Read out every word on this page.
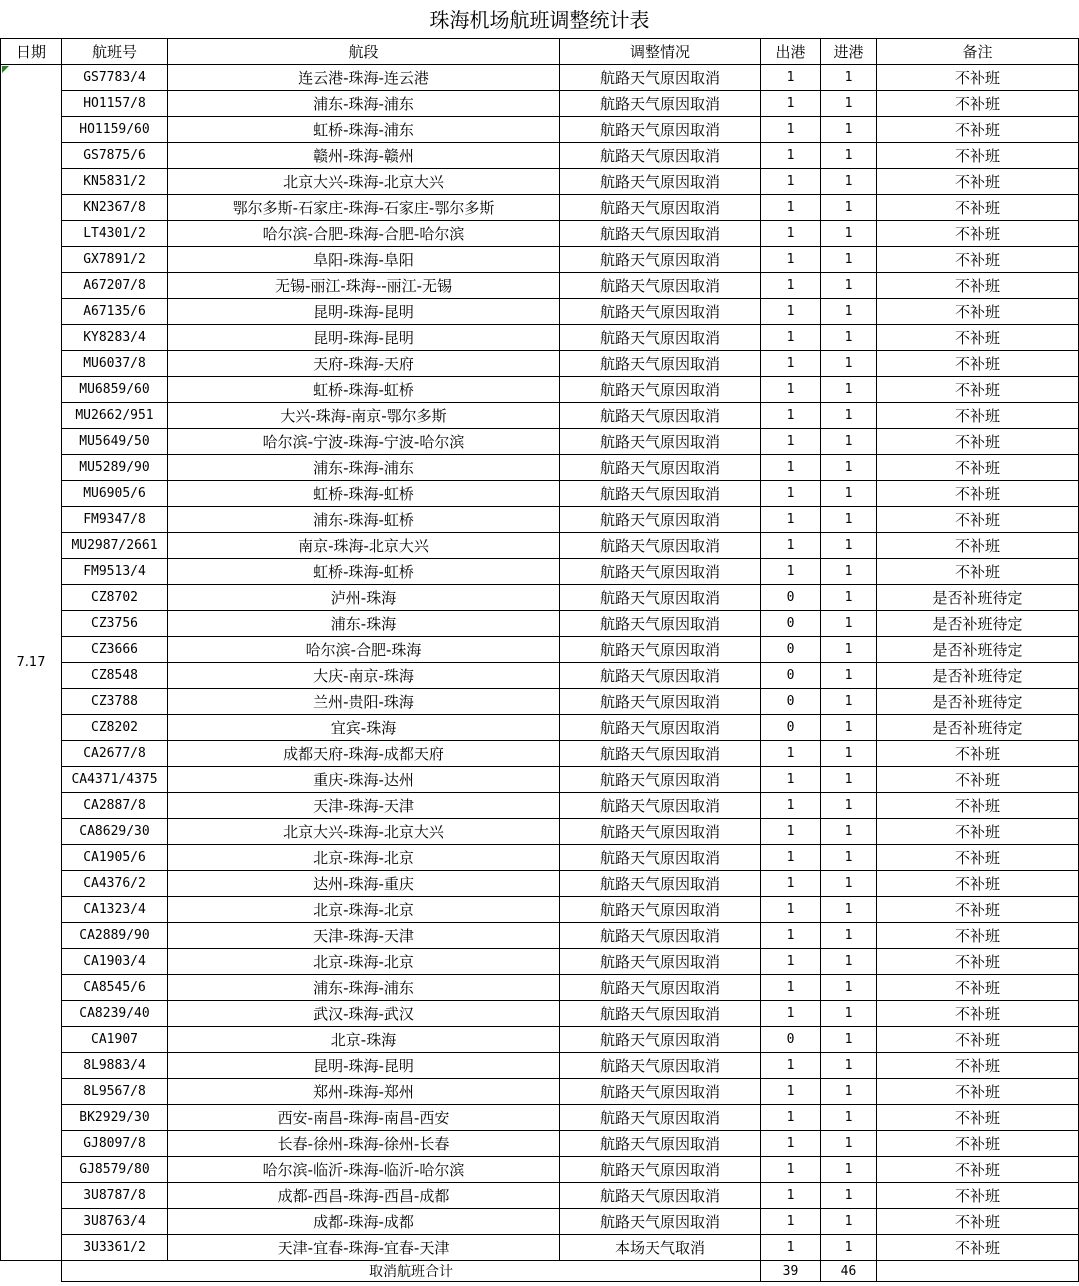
珠海机场航班调整统计表
日期	航班号	航段	调整情况	出港	进港	备注

7.17	GS7783/4	连云港-珠海-连云港	航路天气原因取消	1	1	不补班
	HO1157/8	浦东-珠海-浦东	航路天气原因取消	1	1	不补班
	HO1159/60	虹桥-珠海-浦东	航路天气原因取消	1	1	不补班
	GS7875/6	赣州-珠海-赣州	航路天气原因取消	1	1	不补班
	KN5831/2	北京大兴-珠海-北京大兴	航路天气原因取消	1	1	不补班
	KN2367/8	鄂尔多斯-石家庄-珠海-石家庄-鄂尔多斯	航路天气原因取消	1	1	不补班
	LT4301/2	哈尔滨-合肥-珠海-合肥-哈尔滨	航路天气原因取消	1	1	不补班
	GX7891/2	阜阳-珠海-阜阳	航路天气原因取消	1	1	不补班
	A67207/8	无锡-丽江-珠海--丽江-无锡	航路天气原因取消	1	1	不补班
	A67135/6	昆明-珠海-昆明	航路天气原因取消	1	1	不补班
	KY8283/4	昆明-珠海-昆明	航路天气原因取消	1	1	不补班
	MU6037/8	天府-珠海-天府	航路天气原因取消	1	1	不补班
	MU6859/60	虹桥-珠海-虹桥	航路天气原因取消	1	1	不补班
	MU2662/951	大兴-珠海-南京-鄂尔多斯	航路天气原因取消	1	1	不补班
	MU5649/50	哈尔滨-宁波-珠海-宁波-哈尔滨	航路天气原因取消	1	1	不补班
	MU5289/90	浦东-珠海-浦东	航路天气原因取消	1	1	不补班
	MU6905/6	虹桥-珠海-虹桥	航路天气原因取消	1	1	不补班
	FM9347/8	浦东-珠海-虹桥	航路天气原因取消	1	1	不补班
	MU2987/2661	南京-珠海-北京大兴	航路天气原因取消	1	1	不补班
	FM9513/4	虹桥-珠海-虹桥	航路天气原因取消	1	1	不补班
	CZ8702	泸州-珠海	航路天气原因取消	0	1	是否补班待定
	CZ3756	浦东-珠海	航路天气原因取消	0	1	是否补班待定
	CZ3666	哈尔滨-合肥-珠海	航路天气原因取消	0	1	是否补班待定
	CZ8548	大庆-南京-珠海	航路天气原因取消	0	1	是否补班待定
	CZ3788	兰州-贵阳-珠海	航路天气原因取消	0	1	是否补班待定
	CZ8202	宜宾-珠海	航路天气原因取消	0	1	是否补班待定
	CA2677/8	成都天府-珠海-成都天府	航路天气原因取消	1	1	不补班
	CA4371/4375	重庆-珠海-达州	航路天气原因取消	1	1	不补班
	CA2887/8	天津-珠海-天津	航路天气原因取消	1	1	不补班
	CA8629/30	北京大兴-珠海-北京大兴	航路天气原因取消	1	1	不补班
	CA1905/6	北京-珠海-北京	航路天气原因取消	1	1	不补班
	CA4376/2	达州-珠海-重庆	航路天气原因取消	1	1	不补班
	CA1323/4	北京-珠海-北京	航路天气原因取消	1	1	不补班
	CA2889/90	天津-珠海-天津	航路天气原因取消	1	1	不补班
	CA1903/4	北京-珠海-北京	航路天气原因取消	1	1	不补班
	CA8545/6	浦东-珠海-浦东	航路天气原因取消	1	1	不补班
	CA8239/40	武汉-珠海-武汉	航路天气原因取消	1	1	不补班
	CA1907	北京-珠海	航路天气原因取消	0	1	不补班
	8L9883/4	昆明-珠海-昆明	航路天气原因取消	1	1	不补班
	8L9567/8	郑州-珠海-郑州	航路天气原因取消	1	1	不补班
	BK2929/30	西安-南昌-珠海-南昌-西安	航路天气原因取消	1	1	不补班
	GJ8097/8	长春-徐州-珠海-徐州-长春	航路天气原因取消	1	1	不补班
	GJ8579/80	哈尔滨-临沂-珠海-临沂-哈尔滨	航路天气原因取消	1	1	不补班
	3U8787/8	成都-西昌-珠海-西昌-成都	航路天气原因取消	1	1	不补班
	3U8763/4	成都-珠海-成都	航路天气原因取消	1	1	不补班
	3U3361/2	天津-宜春-珠海-宜春-天津	本场天气取消	1	1	不补班
	取消航班合计			39	46	
